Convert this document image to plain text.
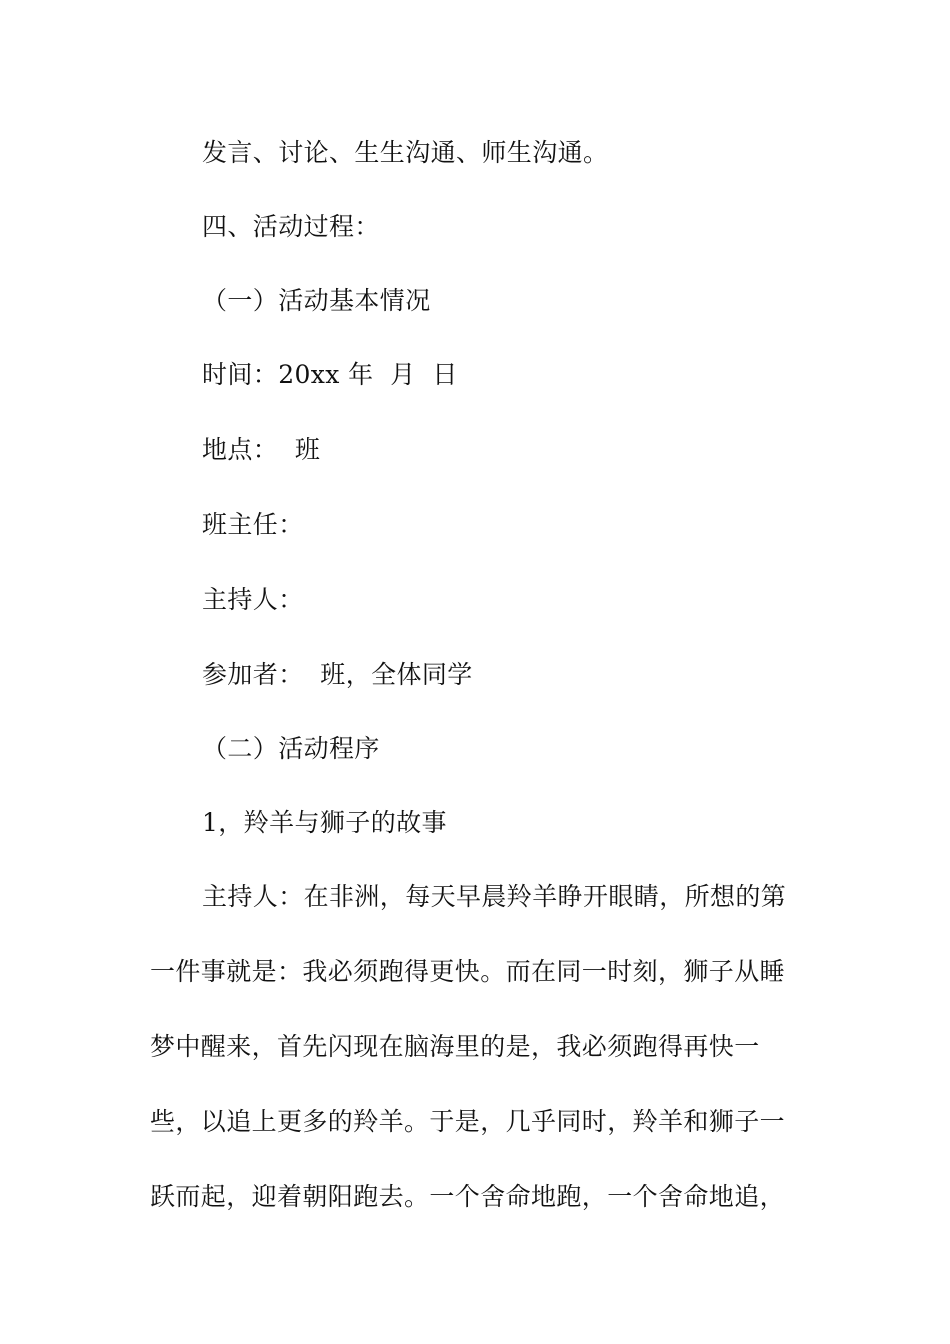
发言、讨论、生生沟通、师生沟通。
四、活动过程：
（一）活动基本情况
时间：20xx 年  月  日
地点：  班
班主任：
主持人：
参加者：  班，全体同学
（二）活动程序
1，羚羊与狮子的故事
主持人：在非洲，每天早晨羚羊睁开眼睛，所想的第
一件事就是：我必须跑得更快。而在同一时刻，狮子从睡
梦中醒来，首先闪现在脑海里的是，我必须跑得再快一
些，以追上更多的羚羊。于是，几乎同时，羚羊和狮子一
跃而起，迎着朝阳跑去。一个舍命地跑，一个舍命地追，
